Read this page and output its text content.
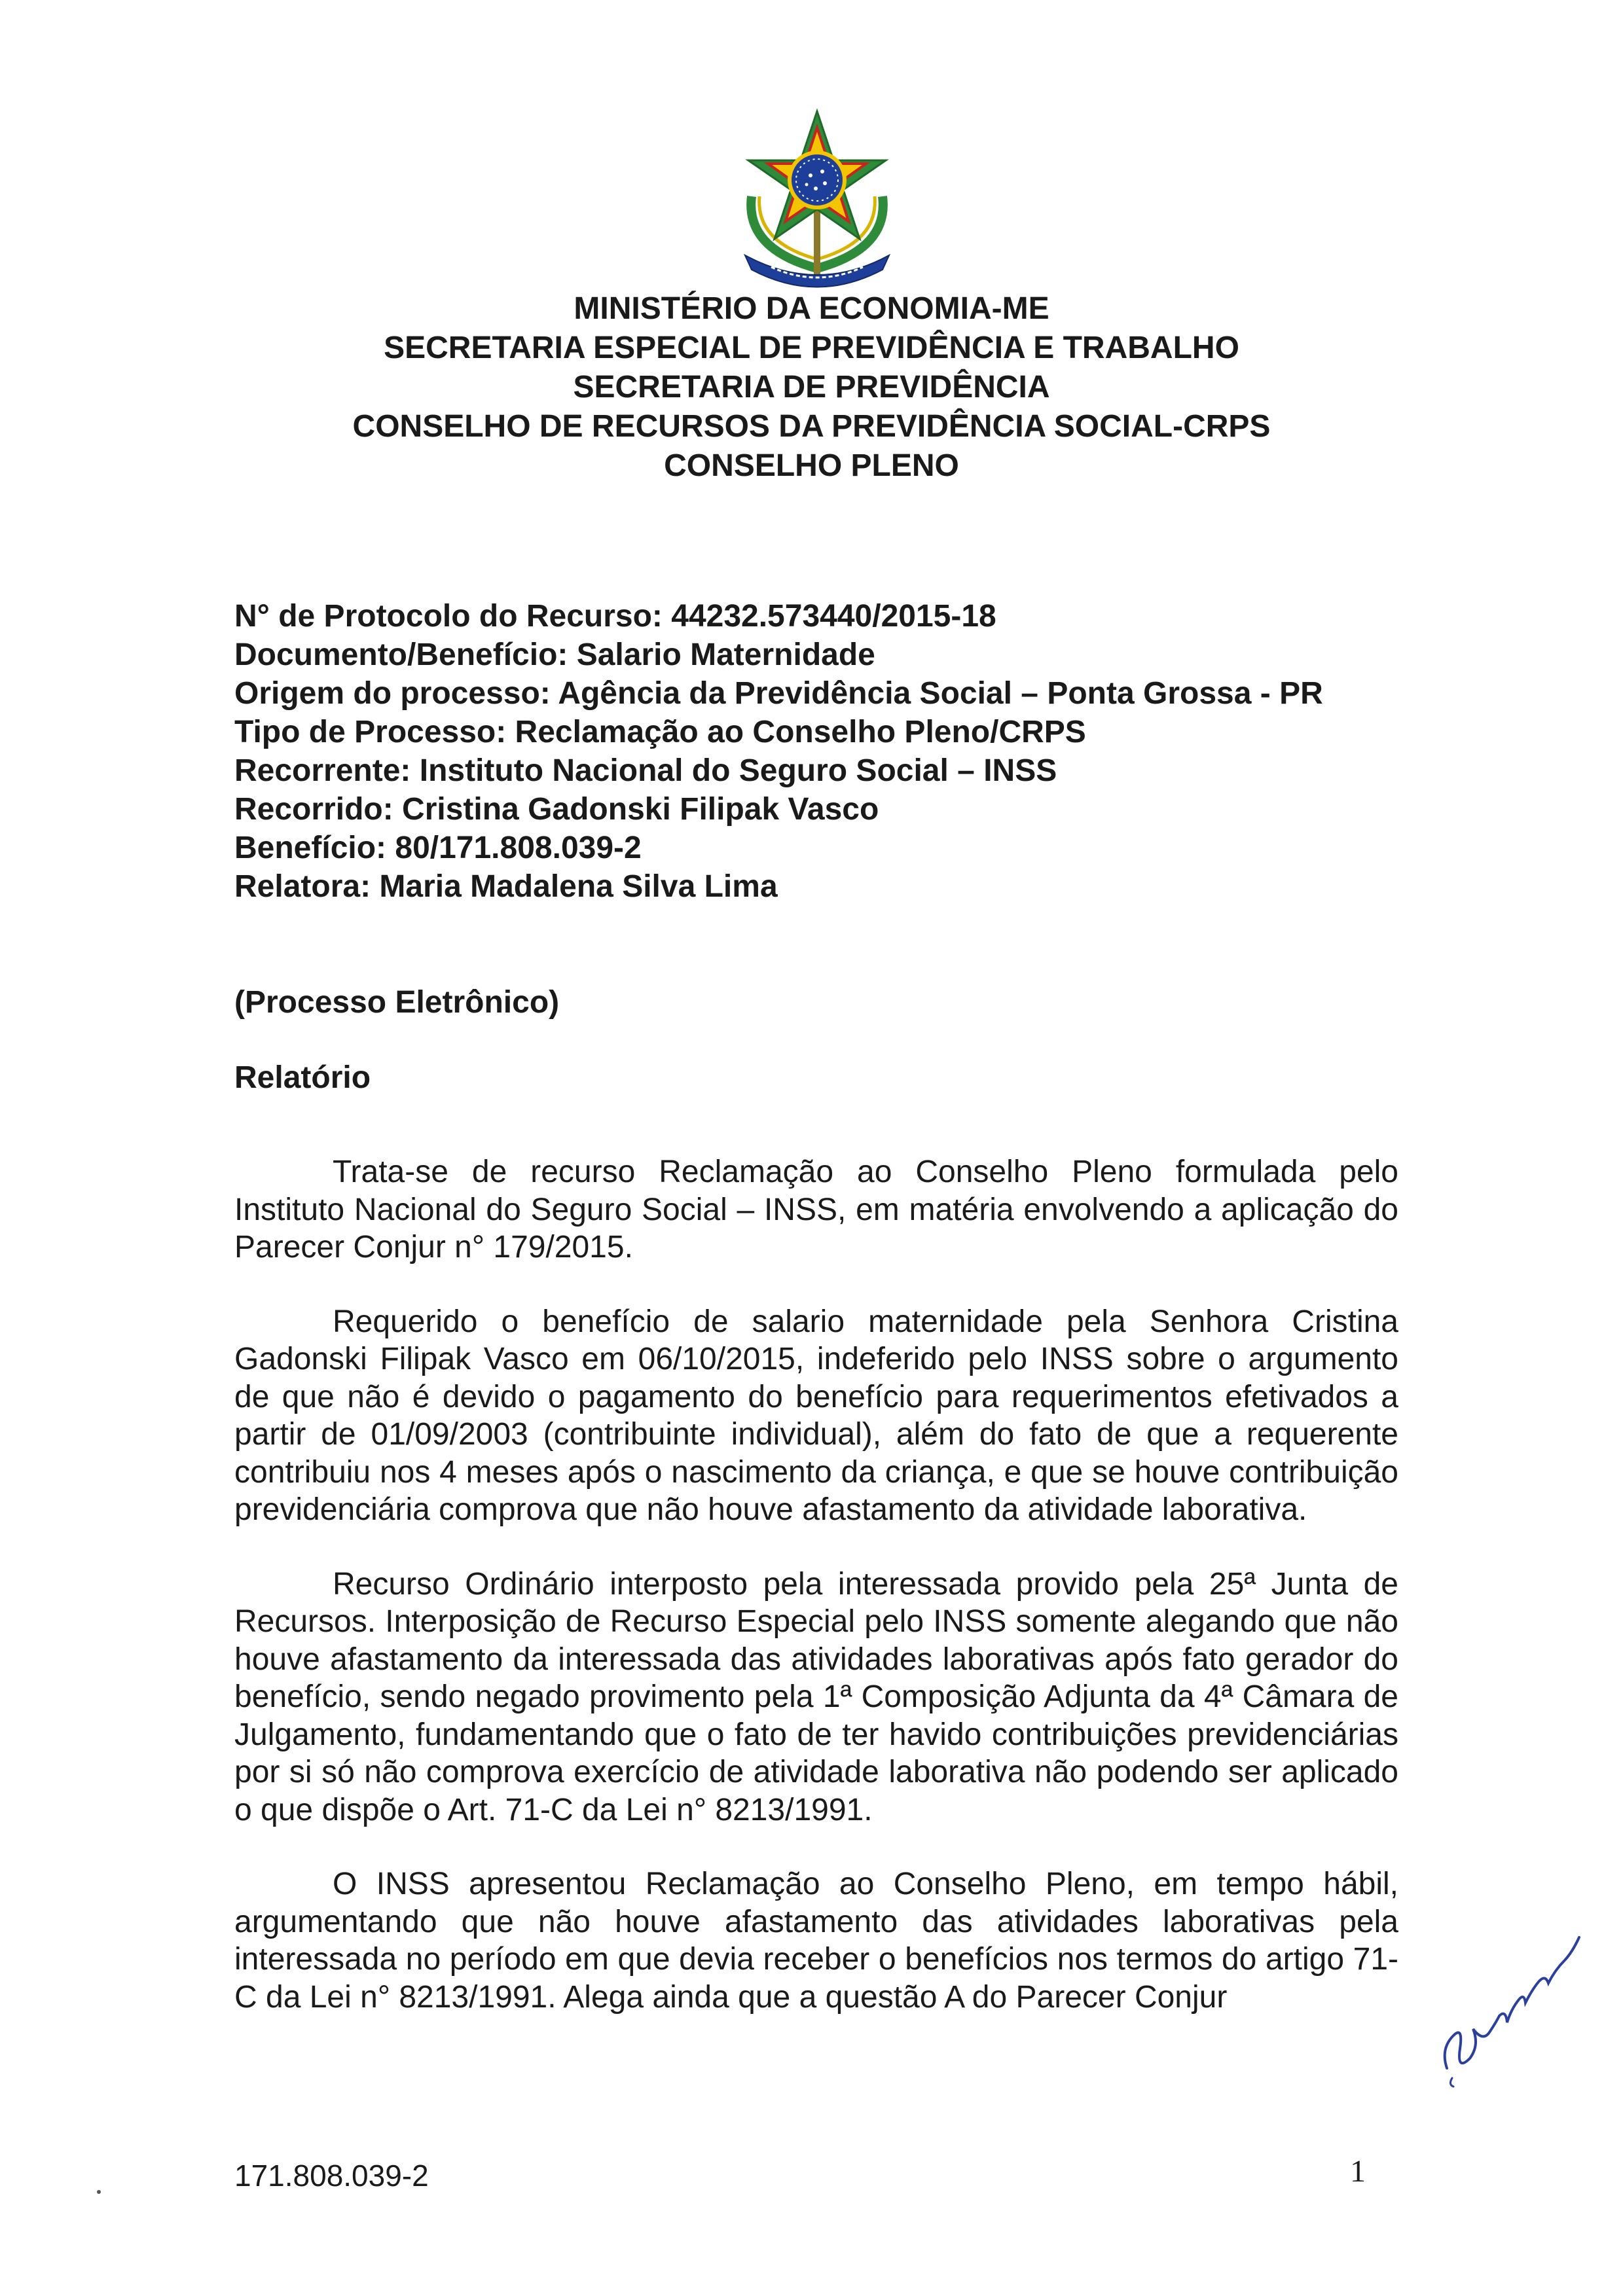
MINISTÉRIO DA ECONOMIA-ME
SECRETARIA ESPECIAL DE PREVIDÊNCIA E TRABALHO
SECRETARIA DE PREVIDÊNCIA
CONSELHO DE RECURSOS DA PREVIDÊNCIA SOCIAL-CRPS
CONSELHO PLENO
N° de Protocolo do Recurso: 44232.573440/2015-18
Documento/Benefício: Salario Maternidade
Origem do processo: Agência da Previdência Social – Ponta Grossa - PR
Tipo de Processo: Reclamação ao Conselho Pleno/CRPS
Recorrente: Instituto Nacional do Seguro Social – INSS
Recorrido: Cristina Gadonski Filipak Vasco
Benefício: 80/171.808.039-2
Relatora: Maria Madalena Silva Lima
(Processo Eletrônico)
Relatório

Trata-se de recurso Reclamação ao Conselho Pleno formulada pelo Instituto Nacional do Seguro Social – INSS, em matéria envolvendo a aplicação do Parecer Conjur n° 179/2015.

Requerido o benefício de salario maternidade pela Senhora Cristina Gadonski Filipak Vasco em 06/10/2015, indeferido pelo INSS sobre o argumento de que não é devido o pagamento do benefício para requerimentos efetivados a partir de 01/09/2003 (contribuinte individual), além do fato de que a requerente contribuiu nos 4 meses após o nascimento da criança, e que se houve contribuição previdenciária comprova que não houve afastamento da atividade laborativa.

Recurso Ordinário interposto pela interessada provido pela 25ª Junta de Recursos. Interposição de Recurso Especial pelo INSS somente alegando que não houve afastamento da interessada das atividades laborativas após fato gerador do benefício, sendo negado provimento pela 1ª Composição Adjunta da 4ª Câmara de Julgamento, fundamentando que o fato de ter havido contribuições previdenciárias por si só não comprova exercício de atividade laborativa não podendo ser aplicado o que dispõe o Art. 71-C da Lei n° 8213/1991.

O INSS apresentou Reclamação ao Conselho Pleno, em tempo hábil, argumentando que não houve afastamento das atividades laborativas pela interessada no período em que devia receber o benefícios nos termos do artigo 71-C da Lei n° 8213/1991. Alega ainda que a questão A do Parecer Conjur

171.808.039-2	1
